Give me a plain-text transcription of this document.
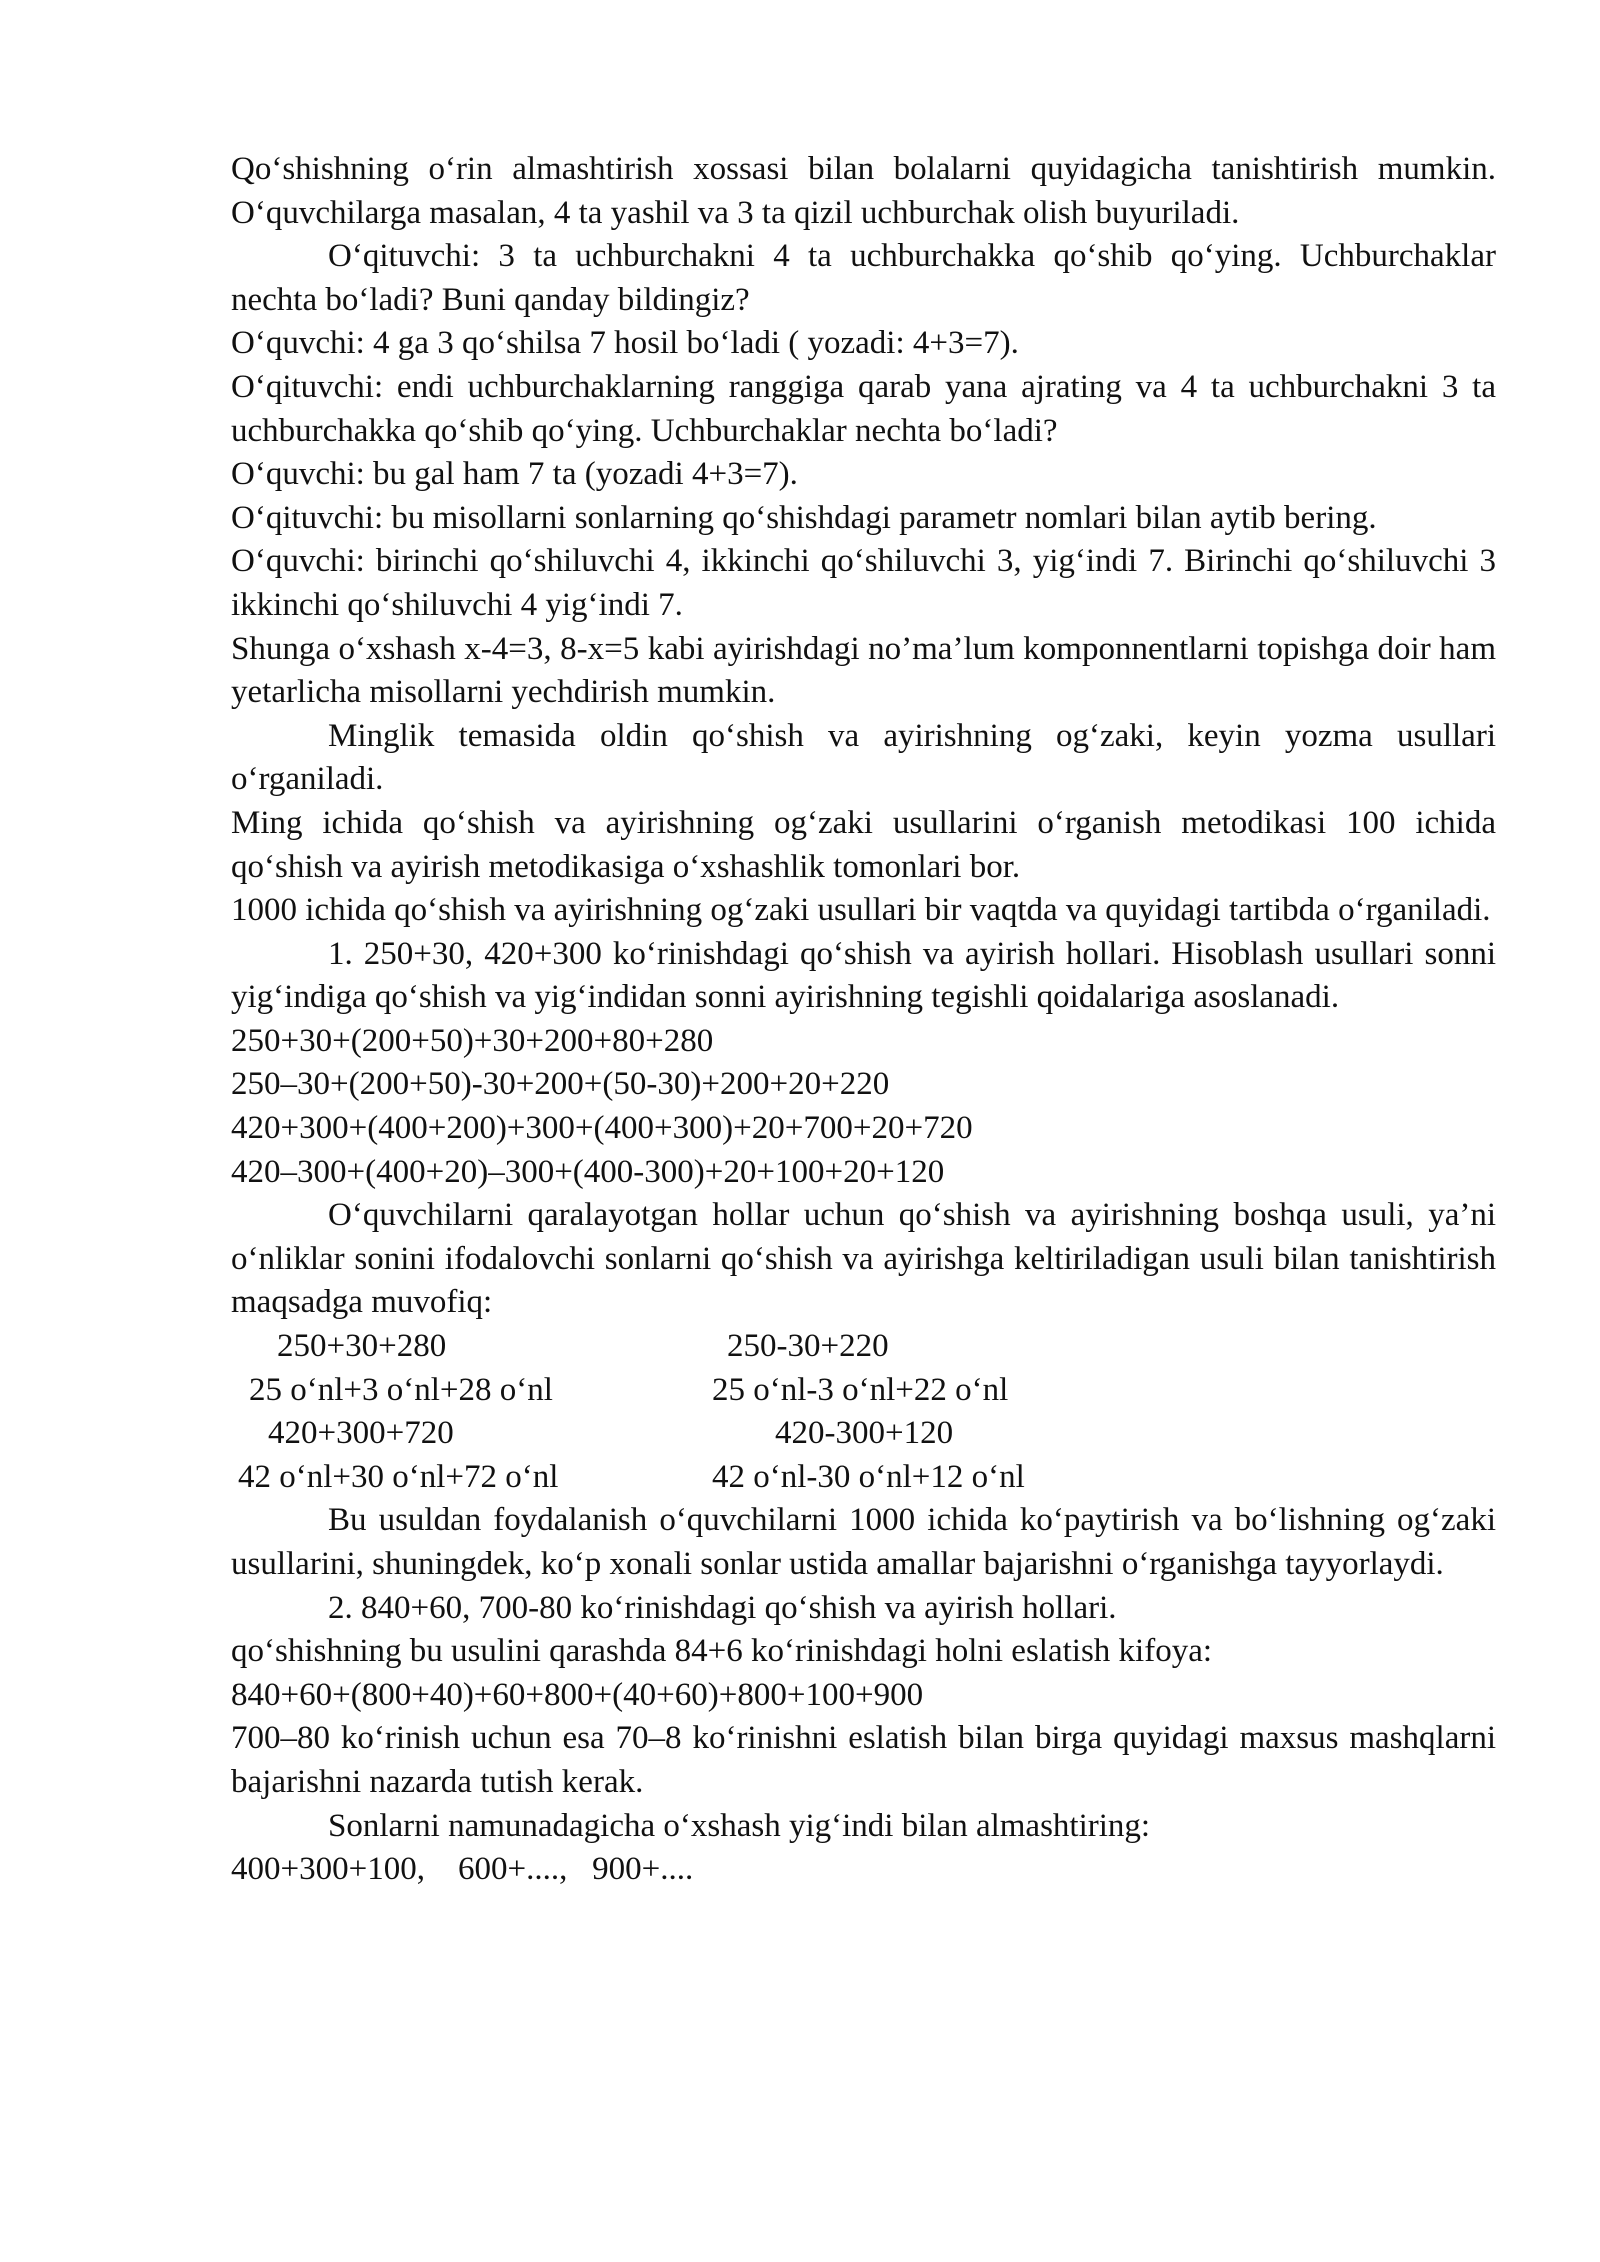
Qo‘shishning o‘rin almashtirish xossasi bilan bolalarni quyidagicha tanishtirish mumkin. O‘quvchilarga masalan, 4 ta yashil va 3 ta qizil uchburchak olish buyuriladi.

O‘qituvchi: 3 ta uchburchakni 4 ta uchburchakka qo‘shib qo‘ying. Uchburchaklar nechta bo‘ladi? Buni qanday bildingiz?

O‘quvchi: 4 ga 3 qo‘shilsa 7 hosil bo‘ladi ( yozadi: 4+3=7).

O‘qituvchi: endi uchburchaklarning ranggiga qarab yana ajrating va 4 ta uchburchakni 3 ta uchburchakka qo‘shib qo‘ying. Uchburchaklar nechta bo‘ladi?

O‘quvchi: bu gal ham 7 ta (yozadi 4+3=7).

O‘qituvchi: bu misollarni sonlarning qo‘shishdagi parametr nomlari bilan aytib bering.

O‘quvchi: birinchi qo‘shiluvchi 4, ikkinchi qo‘shiluvchi 3, yig‘indi 7. Birinchi qo‘shiluvchi 3 ikkinchi qo‘shiluvchi 4 yig‘indi 7.

Shunga o‘xshash x-4=3, 8-x=5 kabi ayirishdagi no’ma’lum komponnentlarni topishga doir ham yetarlicha misollarni yechdirish mumkin.

Minglik temasida oldin qo‘shish va ayirishning og‘zaki, keyin yozma usullari o‘rganiladi.

Ming ichida qo‘shish va ayirishning og‘zaki usullarini o‘rganish metodikasi 100 ichida qo‘shish va ayirish metodikasiga o‘xshashlik tomonlari bor.

1000 ichida qo‘shish va ayirishning og‘zaki usullari bir vaqtda va quyidagi tartibda o‘rganiladi.

1. 250+30, 420+300 ko‘rinishdagi qo‘shish va ayirish hollari. Hisoblash usullari sonni yig‘indiga qo‘shish va yig‘indidan sonni ayirishning tegishli qoidalariga asoslanadi.

250+30+(200+50)+30+200+80+280

250–30+(200+50)-30+200+(50-30)+200+20+220

420+300+(400+200)+300+(400+300)+20+700+20+720

420–300+(400+20)–300+(400-300)+20+100+20+120

O‘quvchilarni qaralayotgan hollar uchun qo‘shish va ayirishning boshqa usuli, ya’ni o‘nliklar sonini ifodalovchi sonlarni qo‘shish va ayirishga keltiriladigan usuli bilan tanishtirish maqsadga muvofiq:

250+30+280
25 o‘nl+3 o‘nl+28 o‘nl
420+300+720
42 o‘nl+30 o‘nl+72 o‘nl
250-30+220
25 o‘nl-3 o‘nl+22 o‘nl
420-300+120
42 o‘nl-30 o‘nl+12 o‘nl

Bu usuldan foydalanish o‘quvchilarni 1000 ichida ko‘paytirish va bo‘lishning og‘zaki usullarini, shuningdek, ko‘p xonali sonlar ustida amallar bajarishni o‘rganishga tayyorlaydi.

2. 840+60, 700-80 ko‘rinishdagi qo‘shish va ayirish hollari.

qo‘shishning bu usulini qarashda 84+6 ko‘rinishdagi holni eslatish kifoya:

840+60+(800+40)+60+800+(40+60)+800+100+900

700–80 ko‘rinish uchun esa 70–8 ko‘rinishni eslatish bilan birga quyidagi maxsus mashqlarni bajarishni nazarda tutish kerak.

Sonlarni namunadagicha o‘xshash yig‘indi bilan almashtiring:

400+300+100,    600+....,   900+....
